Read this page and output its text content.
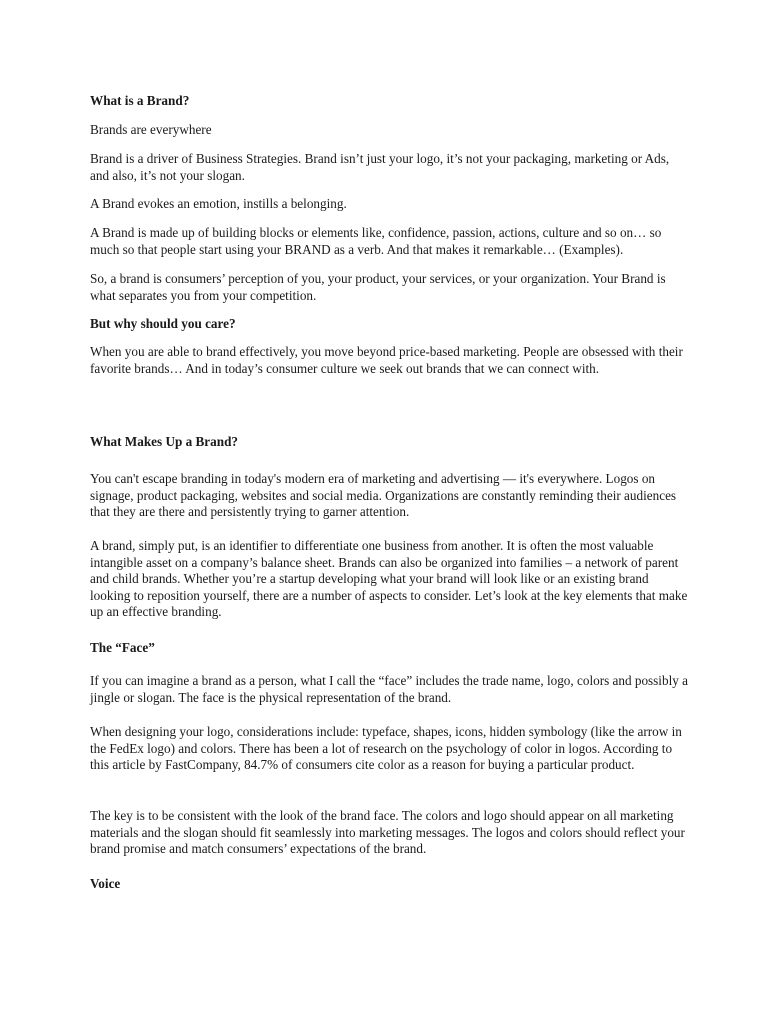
What is a Brand?

Brands are everywhere

Brand is a driver of Business Strategies. Brand isn’t just your logo, it’s not your packaging, marketing or Ads, and also, it’s not your slogan.

A Brand evokes an emotion, instills a belonging.

A Brand is made up of building blocks or elements like, confidence, passion, actions, culture and so on… so much so that people start using your BRAND as a verb. And that makes it remarkable… (Examples).

So, a brand is consumers’ perception of you, your product, your services, or your organization. Your Brand is what separates you from your competition.

But why should you care?

When you are able to brand effectively, you move beyond price-based marketing. People are obsessed with their favorite brands… And in today’s consumer culture we seek out brands that we can connect with.

What Makes Up a Brand?

You can't escape branding in today's modern era of marketing and advertising — it's everywhere. Logos on signage, product packaging, websites and social media. Organizations are constantly reminding their audiences that they are there and persistently trying to garner attention.

A brand, simply put, is an identifier to differentiate one business from another. It is often the most valuable intangible asset on a company’s balance sheet. Brands can also be organized into families – a network of parent and child brands. Whether you’re a startup developing what your brand will look like or an existing brand looking to reposition yourself, there are a number of aspects to consider. Let’s look at the key elements that make up an effective branding.

The “Face”

If you can imagine a brand as a person, what I call the “face” includes the trade name, logo, colors and possibly a jingle or slogan. The face is the physical representation of the brand.

When designing your logo, considerations include: typeface, shapes, icons, hidden symbology (like the arrow in the FedEx logo) and colors. There has been a lot of research on the psychology of color in logos. According to this article by FastCompany, 84.7% of consumers cite color as a reason for buying a particular product.

The key is to be consistent with the look of the brand face. The colors and logo should appear on all marketing materials and the slogan should fit seamlessly into marketing messages. The logos and colors should reflect your brand promise and match consumers’ expectations of the brand.

Voice
